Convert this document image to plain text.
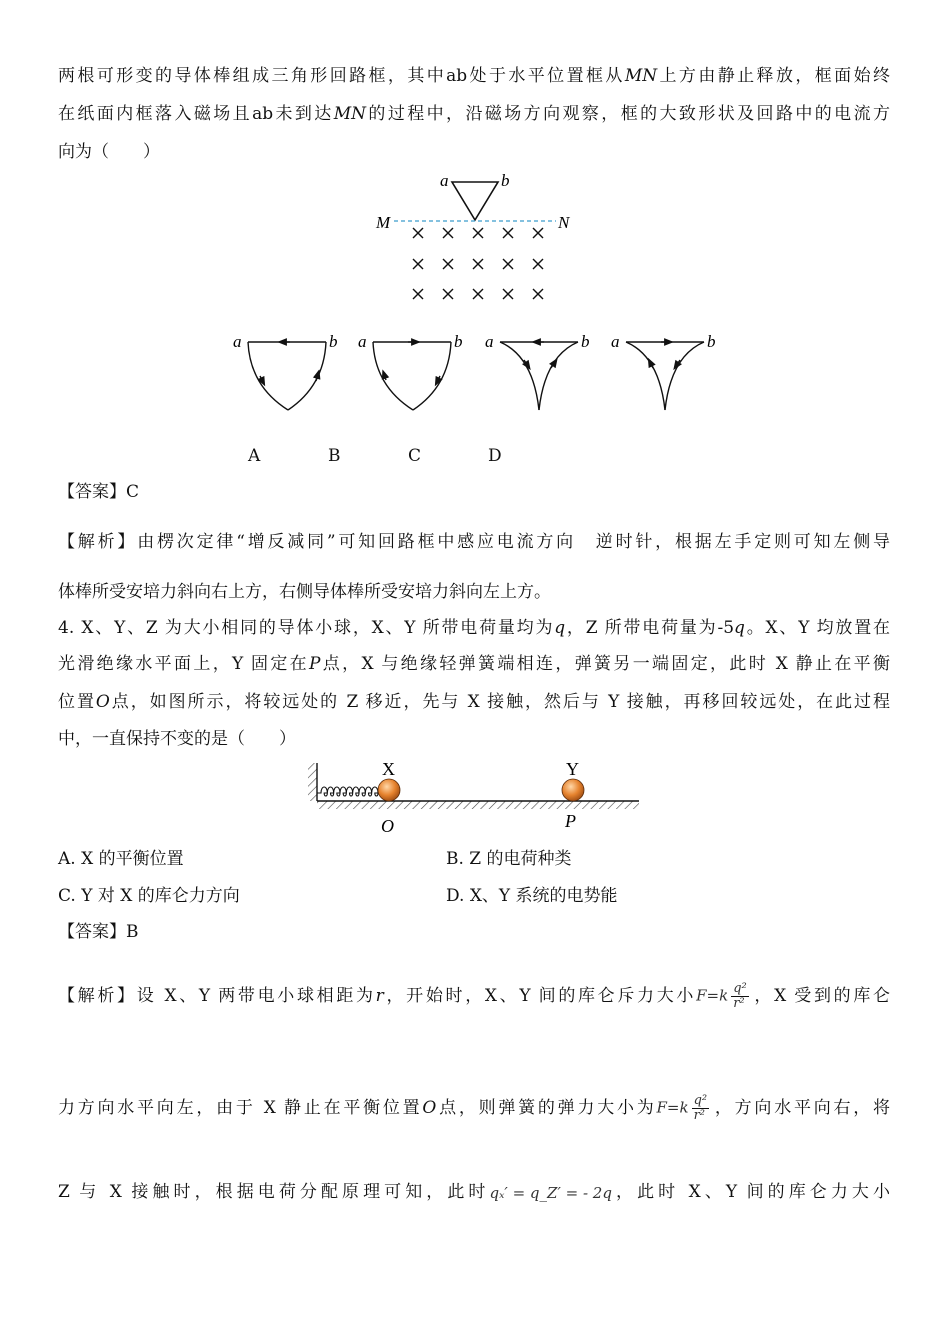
两根可形变的导体棒组成三角形回路框，其中ab处于水平位置框从MN上方由静止释放，框面始终
在纸面内框落入磁场且ab未到达MN的过程中，沿磁场方向观察，框的大致形状及回路中的电流方
向为（　　）
a	b
M	N
a	b a	b a	b a	b
A	B	C	D
【答案】C
【解析】由楞次定律“增反减同”可知回路框中感应电流方向　逆时针，根据左手定则可知左侧导
体棒所受安培力斜向右上方，右侧导体棒所受安培力斜向左上方。
4. X、Y、Z 为大小相同的导体小球，X、Y 所带电荷量均为q，Z 所带电荷量为-5q。X、Y 均放置在
光滑绝缘水平面上，Y 固定在P点，X 与绝缘轻弹簧端相连，弹簧另一端固定，此时 X 静止在平衡
位置O点，如图所示，将较远处的 Z 移近，先与 X 接触，然后与 Y 接触，再移回较远处，在此过程
中，一直保持不变的是（　　）
X	Y
O	P
A. X 的平衡位置	B. Z 的电荷种类
C. Y 对 X 的库仑力方向	D. X、Y 系统的电势能
【答案】B
【解析】设 X、Y 两带电小球相距为r，开始时，X、Y 间的库仑斥力大小$F=k \frac{\text{q²}}{\text{r²}}$ ，X 受到的库仑
力方向水平向左，由于 X 静止在平衡位置O点，则弹簧的弹力大小为$F=k \frac{\text{q²}}{\text{r²}}$ ，方向水平向右，将
Z 与 X 接触时，根据电荷分配原理可知，此时qₓ′ = q_Z′ = - 2q，此时 X、Y 间的库仑力大小
